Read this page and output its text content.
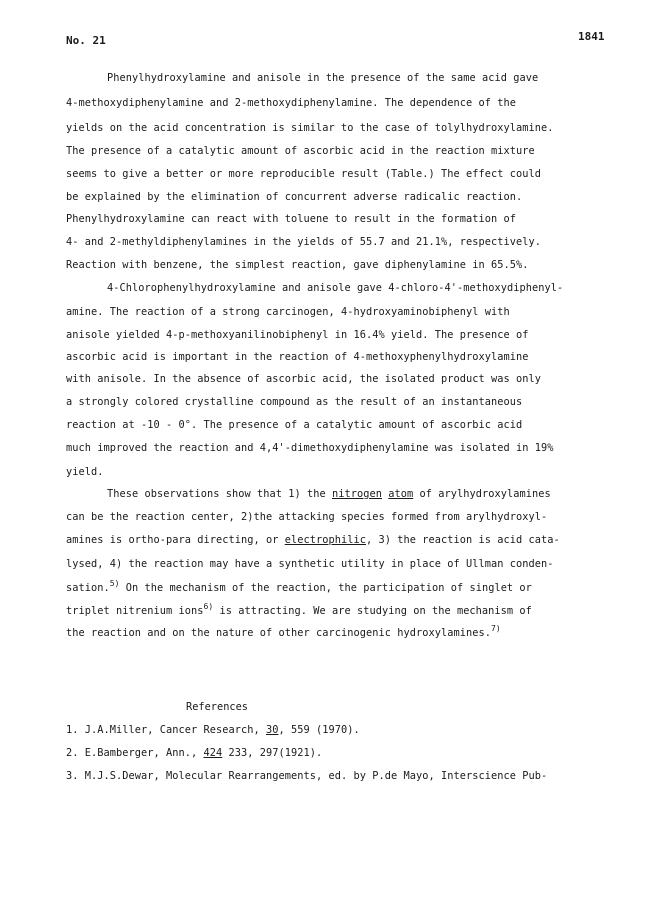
No. 21	1841
Phenylhydroxylamine and anisole in the presence of the same acid gave
4-methoxydiphenylamine and 2-methoxydiphenylamine. The dependence of the
yields on the acid concentration is similar to the case of tolylhydroxylamine.
The presence of a catalytic amount of ascorbic acid in the reaction mixture
seems to give a better or more reproducible result (Table.) The effect could
be explained by the elimination of concurrent adverse radicalic reaction.
Phenylhydroxylamine can react with toluene to result in the formation of
4- and 2-methyldiphenylamines in the yields of 55.7 and 21.1%, respectively.
Reaction with benzene, the simplest reaction, gave diphenylamine in 65.5%.
4-Chlorophenylhydroxylamine and anisole gave 4-chloro-4'-methoxydiphenyl-
amine. The reaction of a strong carcinogen, 4-hydroxyaminobiphenyl with
anisole yielded 4-p-methoxyanilinobiphenyl in 16.4% yield. The presence of
ascorbic acid is important in the reaction of 4-methoxyphenylhydroxylamine
with anisole. In the absence of ascorbic acid, the isolated product was only
a strongly colored crystalline compound as the result of an instantaneous
reaction at -10 - 0°. The presence of a catalytic amount of ascorbic acid
much improved the reaction and 4,4'-dimethoxydiphenylamine was isolated in 19%
yield.
These observations show that 1) the nitrogen atom of arylhydroxylamines
can be the reaction center, 2)the attacking species formed from arylhydroxyl-
amines is ortho-para directing, or electrophilic, 3) the reaction is acid cata-
lysed, 4) the reaction may have a synthetic utility in place of Ullman conden-
sation.$^{5)}$ On the mechanism of the reaction, the participation of singlet or
triplet nitrenium ions$^{6)}$ is attracting. We are studying on the mechanism of
the reaction and on the nature of other carcinogenic hydroxylamines.$^{7)}$
References
1. J.A.Miller, Cancer Research, 30, 559 (1970).
2. E.Bamberger, Ann., 424 233, 297(1921).
3. M.J.S.Dewar, Molecular Rearrangements, ed. by P.de Mayo, Interscience Pub-
